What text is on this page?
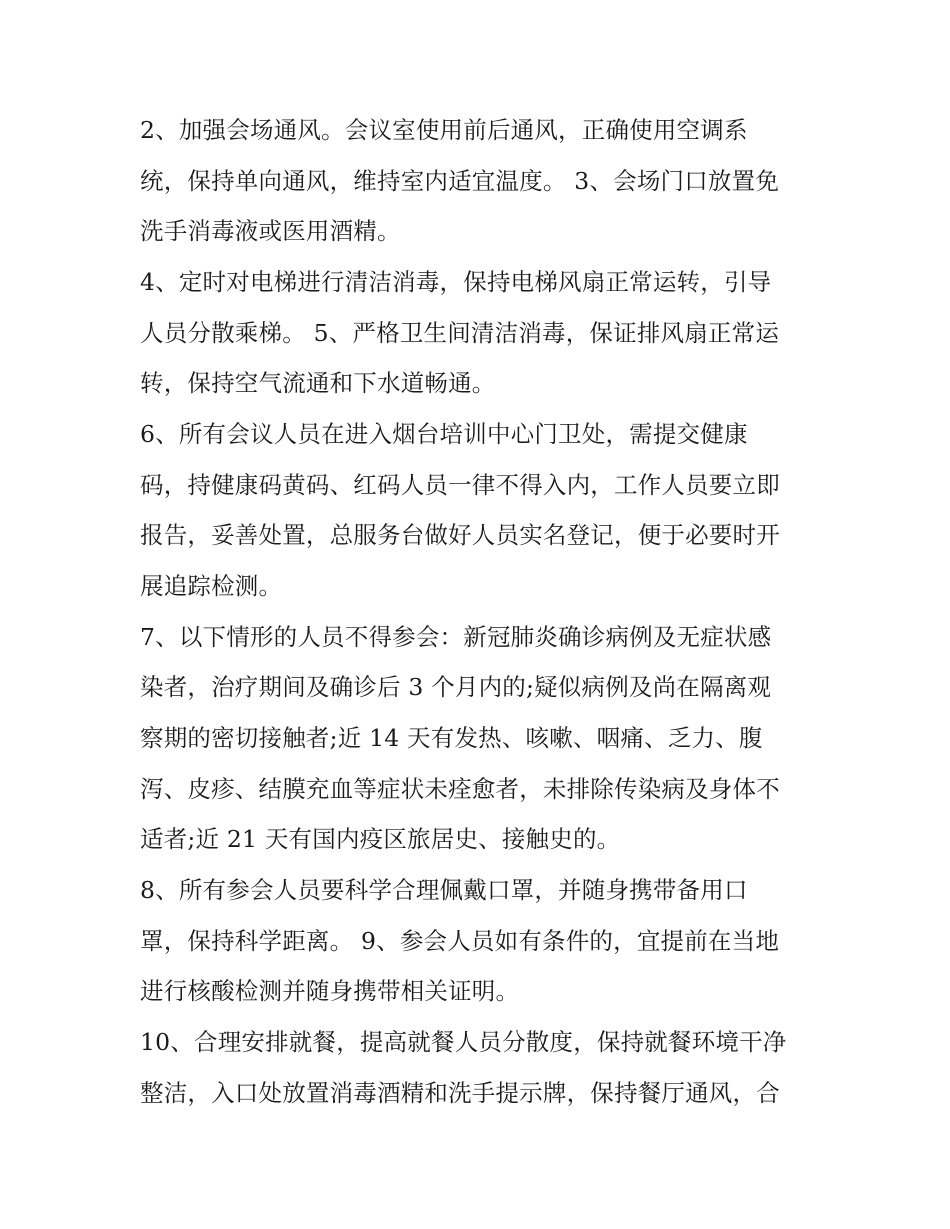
2、加强会场通风。会议室使用前后通风，正确使用空调系
统，保持单向通风，维持室内适宜温度。 3、会场门口放置免
洗手消毒液或医用酒精。
4、定时对电梯进行清洁消毒，保持电梯风扇正常运转，引导
人员分散乘梯。 5、严格卫生间清洁消毒，保证排风扇正常运
转，保持空气流通和下水道畅通。
6、所有会议人员在进入烟台培训中心门卫处，需提交健康
码，持健康码黄码、红码人员一律不得入内，工作人员要立即
报告，妥善处置，总服务台做好人员实名登记，便于必要时开
展追踪检测。
7、以下情形的人员不得参会：新冠肺炎确诊病例及无症状感
染者，治疗期间及确诊后 3 个月内的;疑似病例及尚在隔离观
察期的密切接触者;近 14 天有发热、咳嗽、咽痛、乏力、腹
泻、皮疹、结膜充血等症状未痊愈者，未排除传染病及身体不
适者;近 21 天有国内疫区旅居史、接触史的。
8、所有参会人员要科学合理佩戴口罩，并随身携带备用口
罩，保持科学距离。 9、参会人员如有条件的，宜提前在当地
进行核酸检测并随身携带相关证明。
10、合理安排就餐，提高就餐人员分散度，保持就餐环境干净
整洁，入口处放置消毒酒精和洗手提示牌，保持餐厅通风，合
